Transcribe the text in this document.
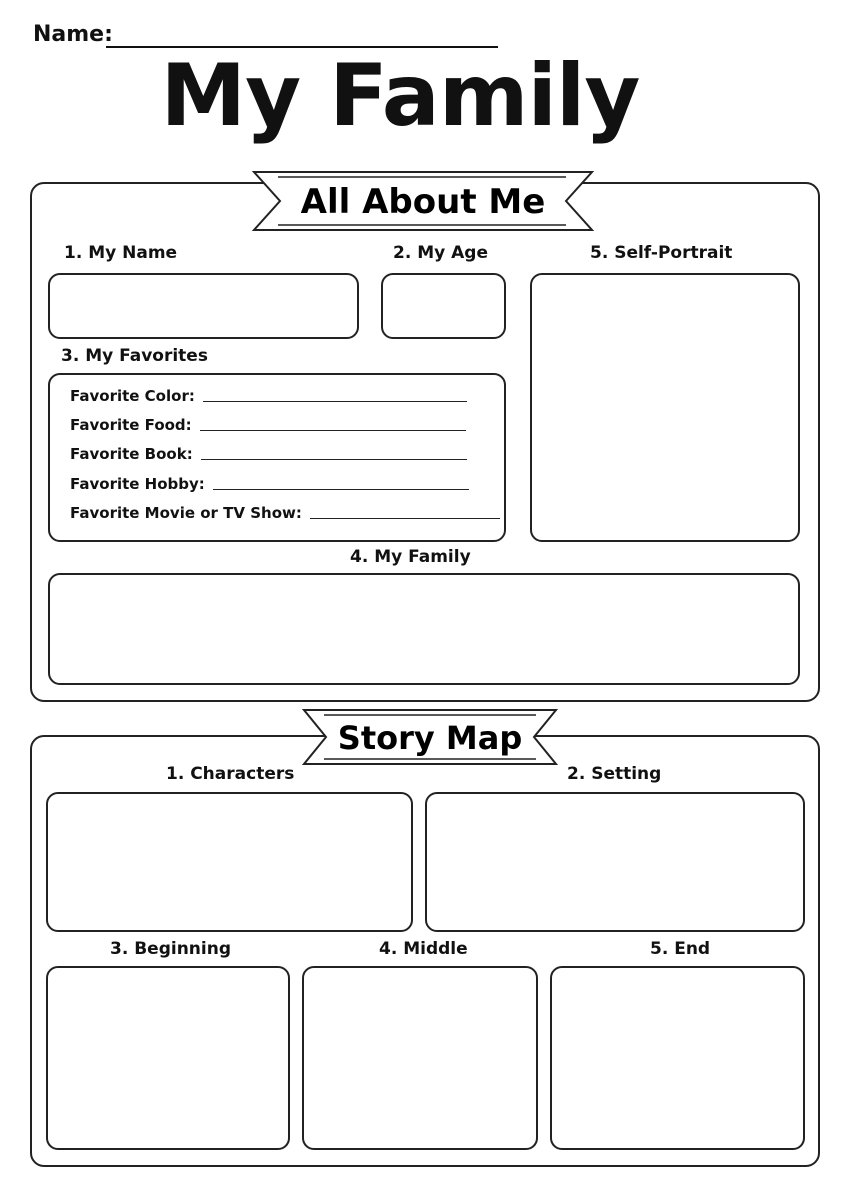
Name:
My Family
All About Me
1. My Name	2. My Age	5. Self-Portrait
3. My Favorites
Favorite Color:
Favorite Food:
Favorite Book:
Favorite Hobby:
Favorite Movie or TV Show:
4. My Family
Story Map
1. Characters	2. Setting
3. Beginning	4. Middle	5. End
